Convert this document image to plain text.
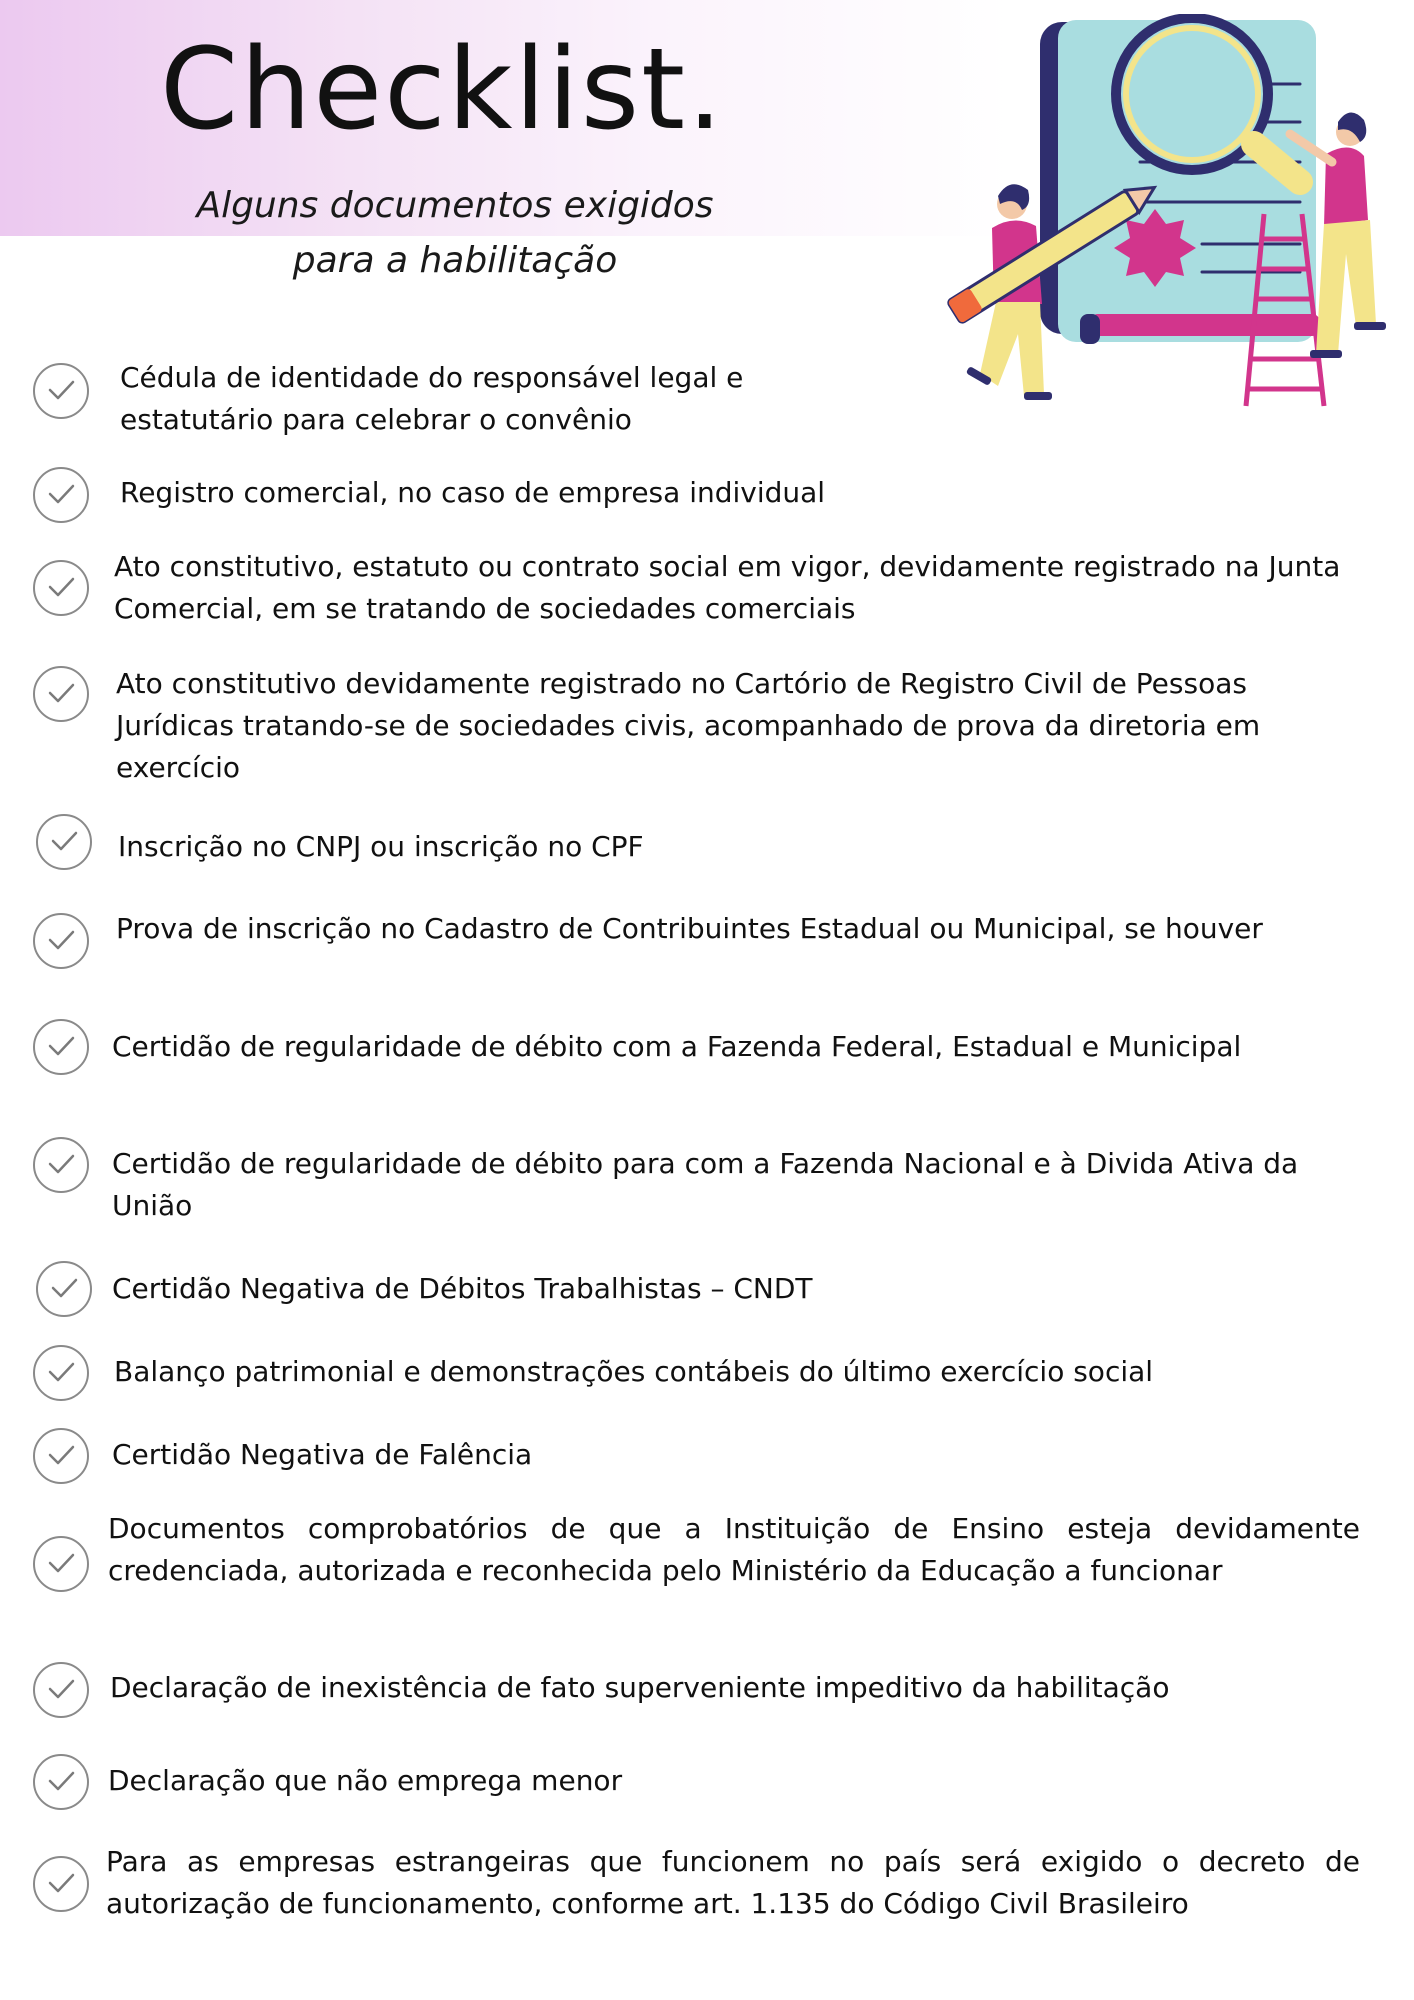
Checklist.
Alguns documentos exigidos
para a habilitação
Cédula de identidade do responsável legal e estatutário para celebrar o convênio
Registro comercial, no caso de empresa individual
Ato constitutivo, estatuto ou contrato social em vigor, devidamente registrado na Junta Comercial, em se tratando de sociedades comerciais
Ato constitutivo devidamente registrado no Cartório de Registro Civil de Pessoas Jurídicas tratando-se de sociedades civis, acompanhado de prova da diretoria em exercício
Inscrição no CNPJ ou inscrição no CPF
Prova de inscrição no Cadastro de Contribuintes Estadual ou Municipal, se houver
Certidão de regularidade de débito com a Fazenda Federal, Estadual e Municipal
Certidão de regularidade de débito para com a Fazenda Nacional e à Divida Ativa da União
Certidão Negativa de Débitos Trabalhistas – CNDT
Balanço patrimonial e demonstrações contábeis do último exercício social
Certidão Negativa de Falência
Documentos comprobatórios de que a Instituição de Ensino esteja devidamente credenciada, autorizada e reconhecida pelo Ministério da Educação a funcionar
Declaração de inexistência de fato superveniente impeditivo da habilitação
Declaração que não emprega menor
Para as empresas estrangeiras que funcionem no país será exigido o decreto de autorização de funcionamento, conforme art. 1.135 do Código Civil Brasileiro
